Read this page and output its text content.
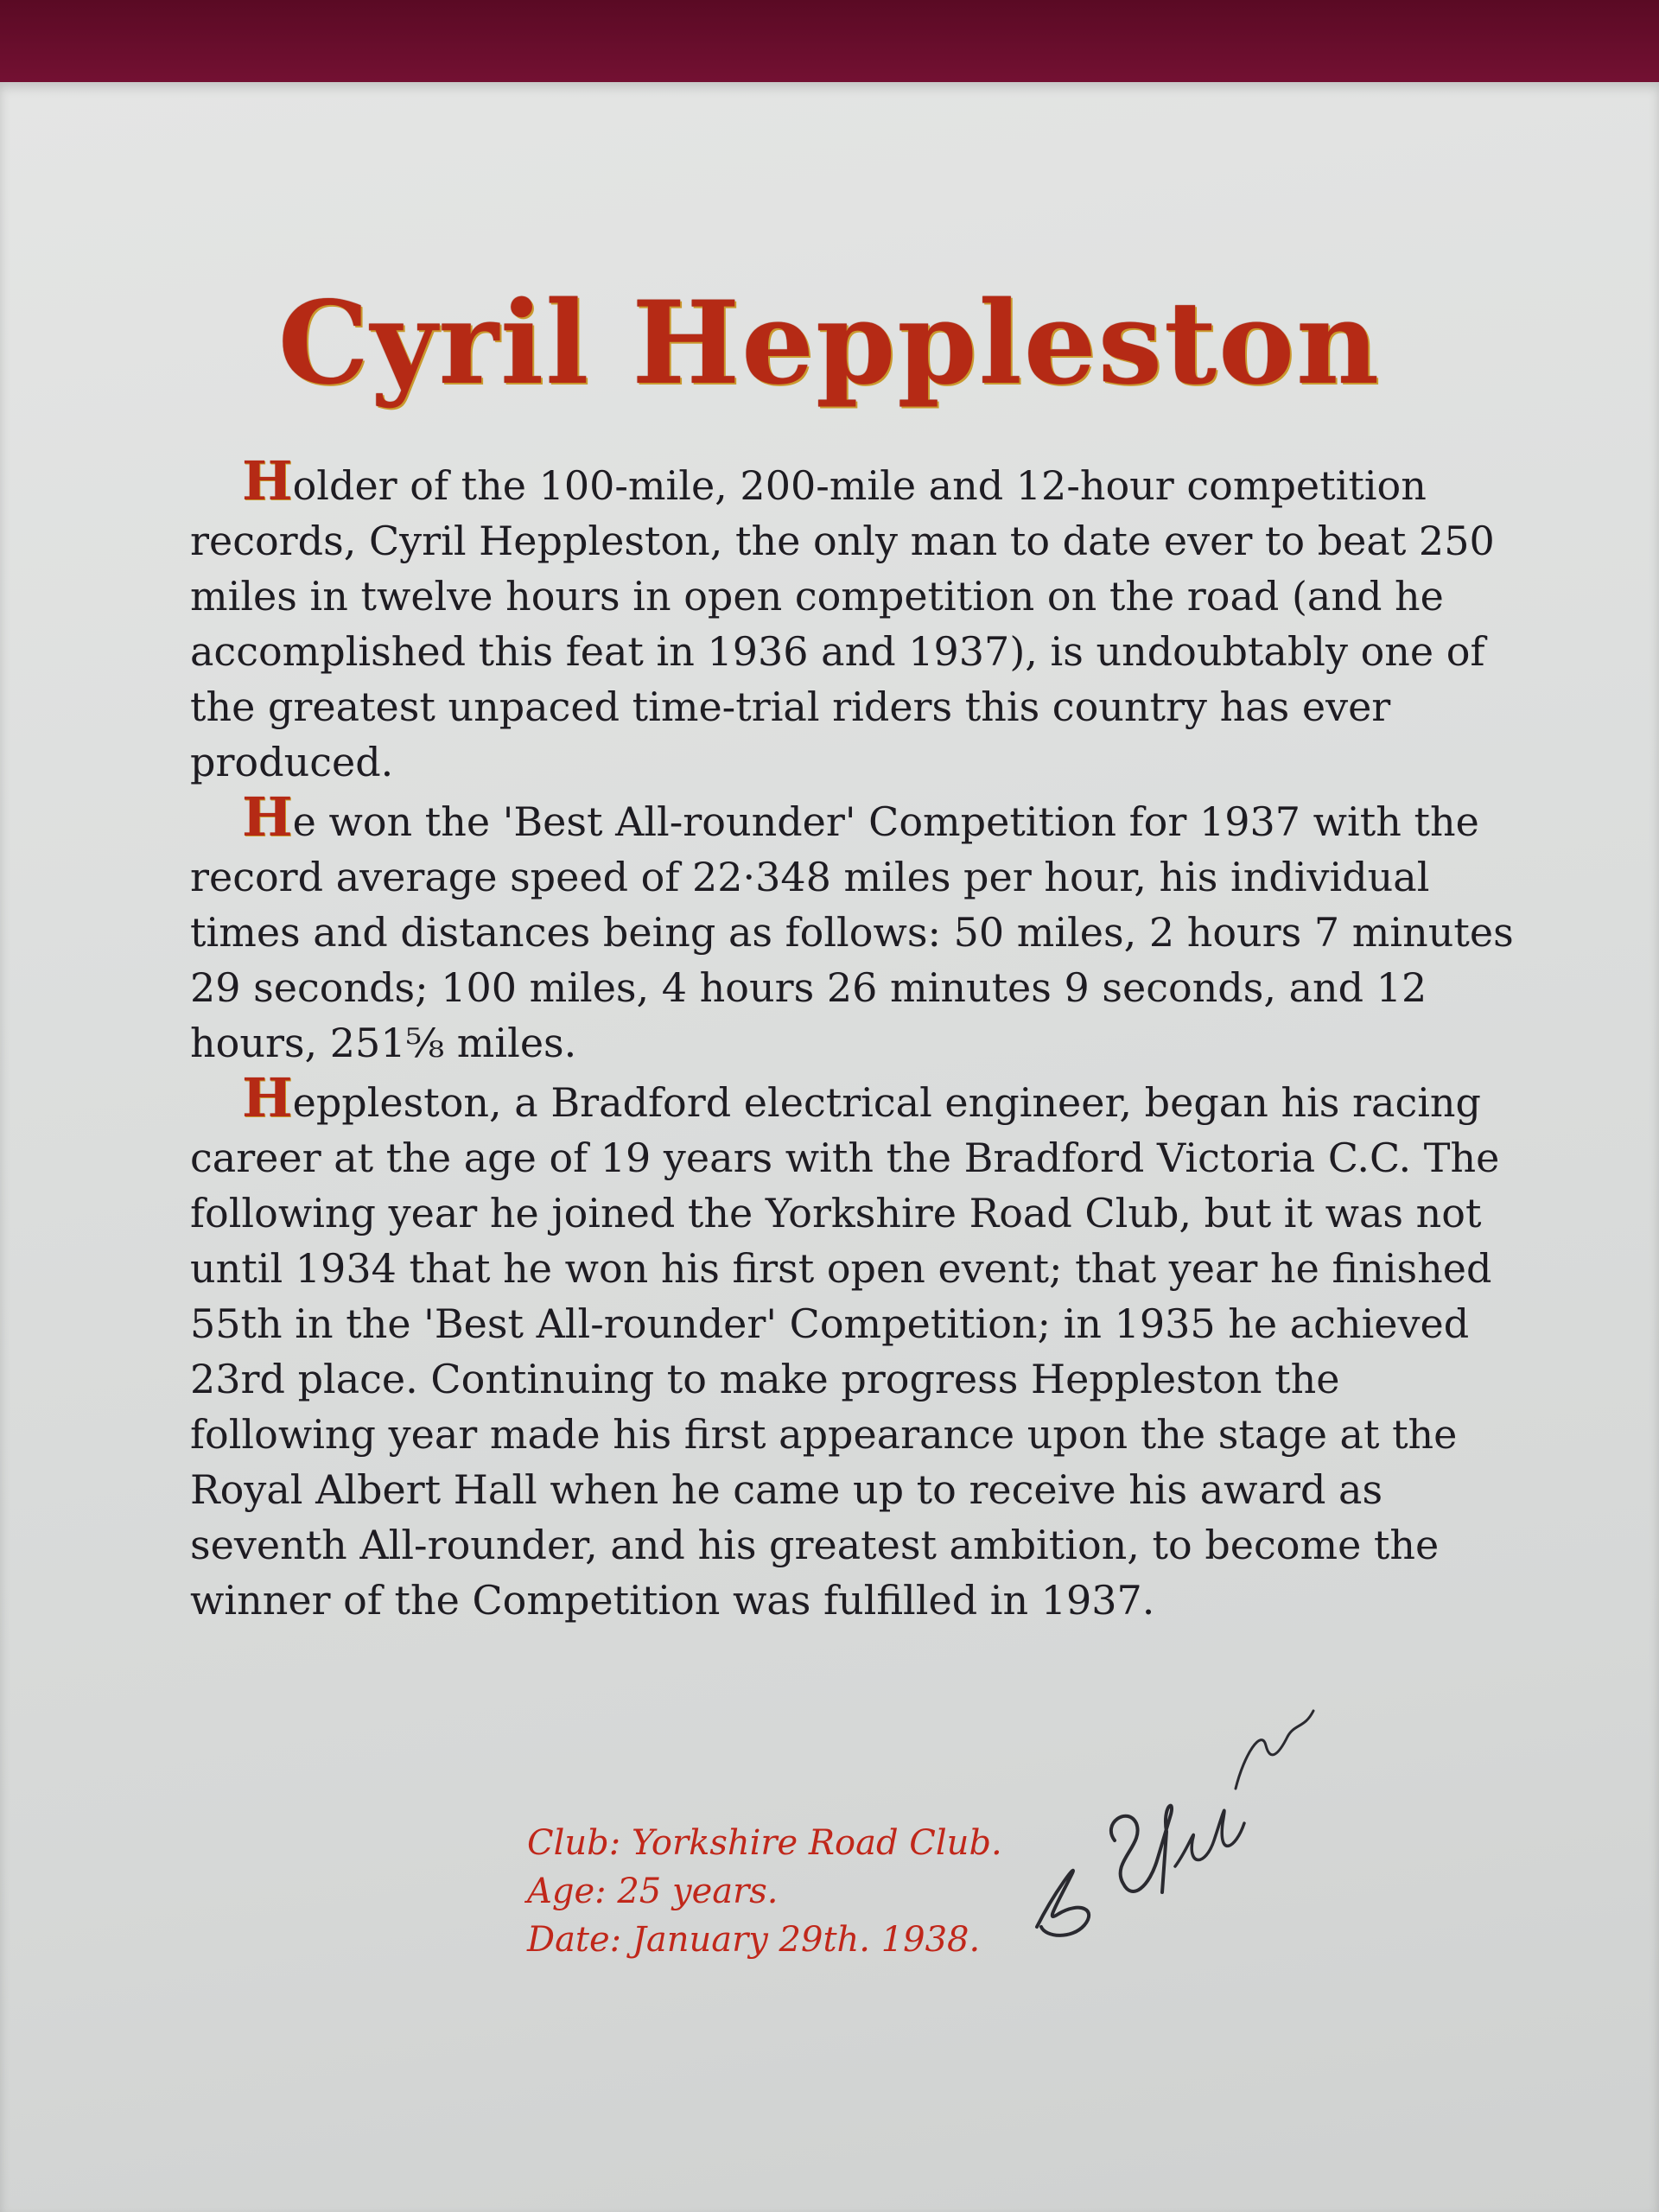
Cyril Heppleston

Holder of the 100-mile, 200-mile and 12-hour competition records, Cyril Heppleston, the only man to date ever to beat 250 miles in twelve hours in open competition on the road (and he accomplished this feat in 1936 and 1937), is undoubtably one of the greatest unpaced time-trial riders this country has ever produced.

He won the 'Best All-rounder' Competition for 1937 with the record average speed of 22·348 miles per hour, his individual times and distances being as follows: 50 miles, 2 hours 7 minutes 29 seconds; 100 miles, 4 hours 26 minutes 9 seconds, and 12 hours, 251⅝ miles.

Heppleston, a Bradford electrical engineer, began his racing career at the age of 19 years with the Bradford Victoria C.C. The following year he joined the Yorkshire Road Club, but it was not until 1934 that he won his first open event; that year he finished 55th in the 'Best All-rounder' Competition; in 1935 he achieved 23rd place. Continuing to make progress Heppleston the following year made his first appearance upon the stage at the Royal Albert Hall when he came up to receive his award as seventh All-rounder, and his greatest ambition, to become the winner of the Competition was fulfilled in 1937.

Club: Yorkshire Road Club.
Age: 25 years.
Date: January 29th. 1938.
